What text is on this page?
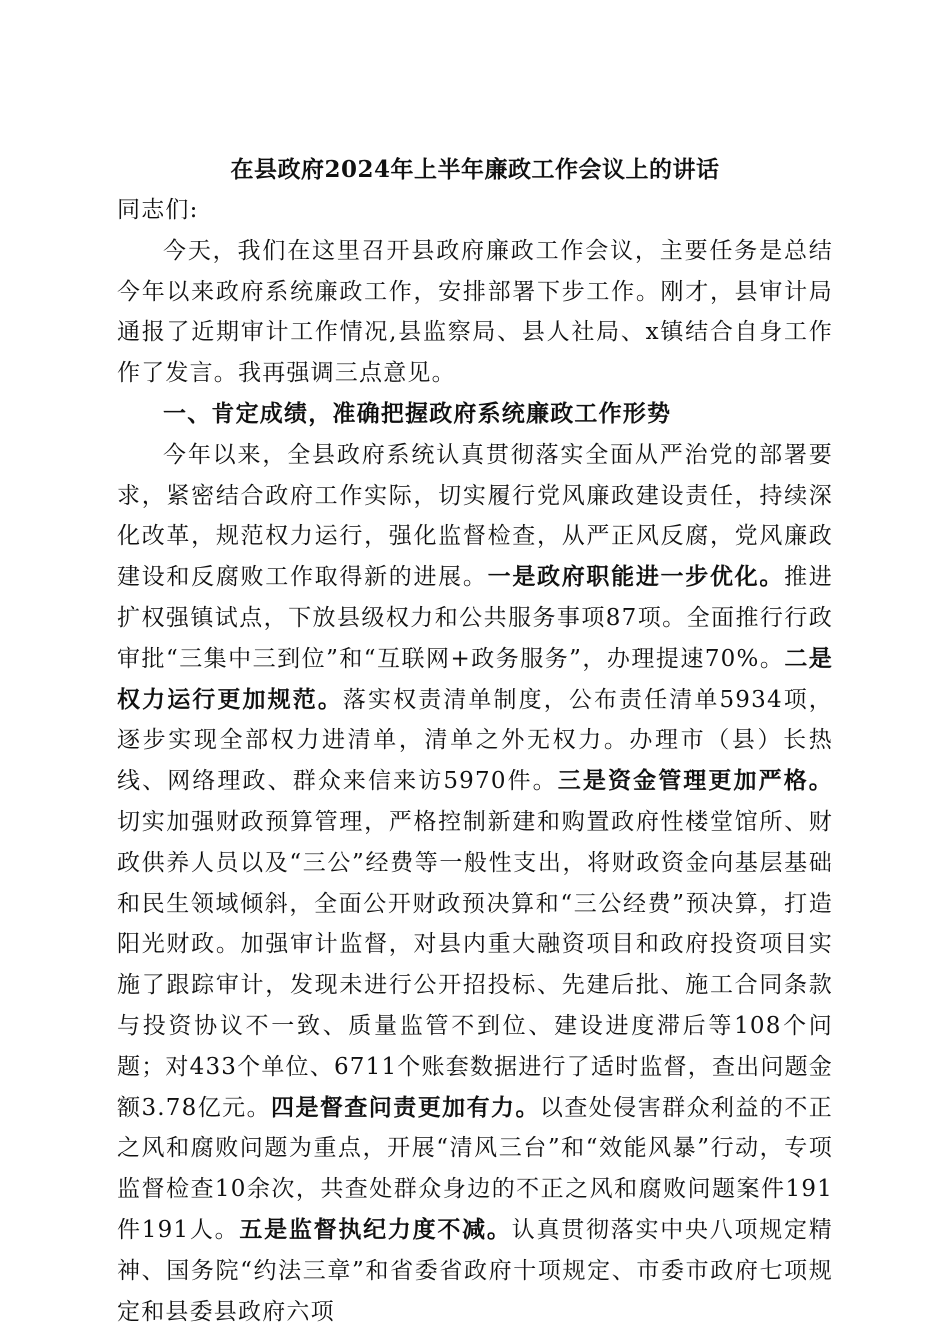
在县政府2024年上半年廉政工作会议上的讲话

同志们:

今天，我们在这里召开县政府廉政工作会议，主要任务是总结今年以来政府系统廉政工作，安排部署下步工作。刚才，县审计局通报了近期审计工作情况,县监察局、县人社局、x镇结合自身工作作了发言。我再强调三点意见。

一、肯定成绩，准确把握政府系统廉政工作形势

今年以来，全县政府系统认真贯彻落实全面从严治党的部署要求，紧密结合政府工作实际，切实履行党风廉政建设责任，持续深化改革，规范权力运行，强化监督检查，从严正风反腐，党风廉政建设和反腐败工作取得新的进展。一是政府职能进一步优化。推进扩权强镇试点，下放县级权力和公共服务事项87项。全面推行行政审批“三集中三到位”和“互联网+政务服务”，办理提速70%。二是权力运行更加规范。落实权责清单制度，公布责任清单5934项，逐步实现全部权力进清单，清单之外无权力。办理市（县）长热线、网络理政、群众来信来访5970件。三是资金管理更加严格。切实加强财政预算管理，严格控制新建和购置政府性楼堂馆所、财政供养人员以及“三公”经费等一般性支出，将财政资金向基层基础和民生领域倾斜，全面公开财政预决算和“三公经费”预决算，打造阳光财政。加强审计监督，对县内重大融资项目和政府投资项目实施了跟踪审计，发现未进行公开招投标、先建后批、施工合同条款与投资协议不一致、质量监管不到位、建设进度滞后等108个问题；对433个单位、6711个账套数据进行了适时监督，查出问题金额3.78亿元。四是督查问责更加有力。以查处侵害群众利益的不正之风和腐败问题为重点，开展“清风三台”和“效能风暴”行动，专项监督检查10余次，共查处群众身边的不正之风和腐败问题案件191件191人。五是监督执纪力度不减。认真贯彻落实中央八项规定精神、国务院“约法三章”和省委省政府十项规定、市委市政府七项规定和县委县政府六项
